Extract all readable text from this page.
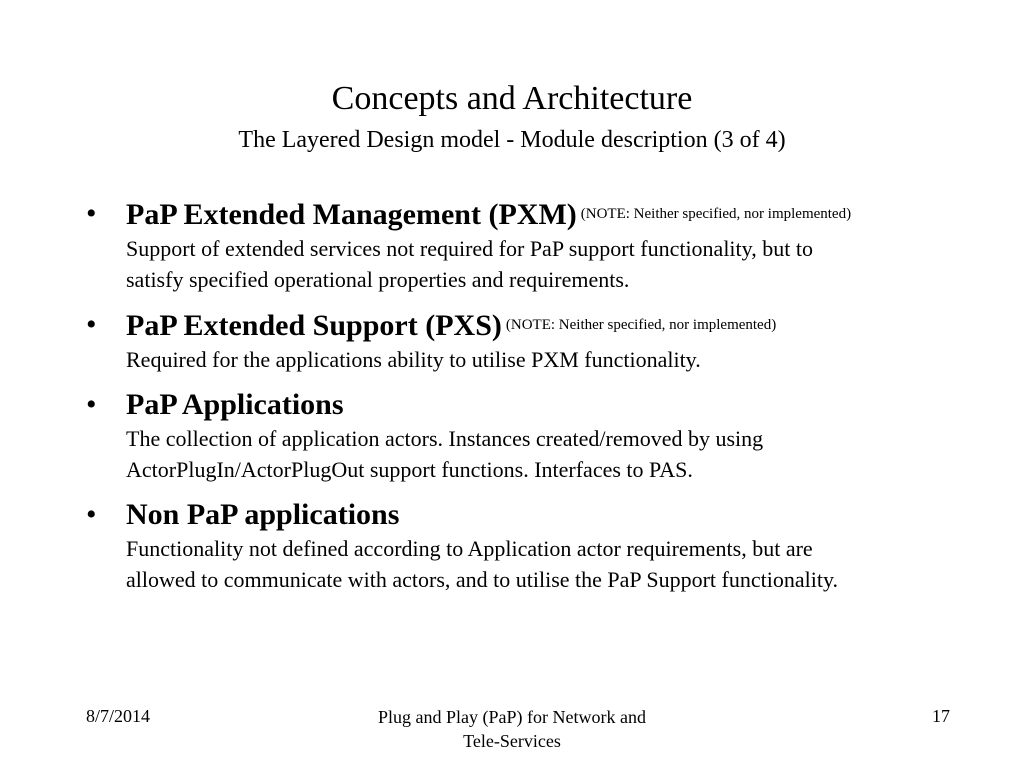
Concepts and Architecture
The Layered Design model - Module description (3 of 4)
• PaP Extended Management (PXM) $^{(NOTE: Neither specified, nor implemented)}$
Support of extended services not required for PaP support functionality, but to
satisfy specified operational properties and requirements.
• PaP Extended Support (PXS) $^{(NOTE: Neither specified, nor implemented)}$
Required for the applications ability to utilise PXM functionality.
• PaP Applications
The collection of application actors. Instances created/removed by using
ActorPlugIn/ActorPlugOut support functions. Interfaces to PAS.
• Non PaP applications
Functionality not defined according to Application actor requirements, but are
allowed to communicate with actors, and to utilise the PaP Support functionality.
8/7/2014	Plug and Play (PaP) for Network and
Tele-Services
17
